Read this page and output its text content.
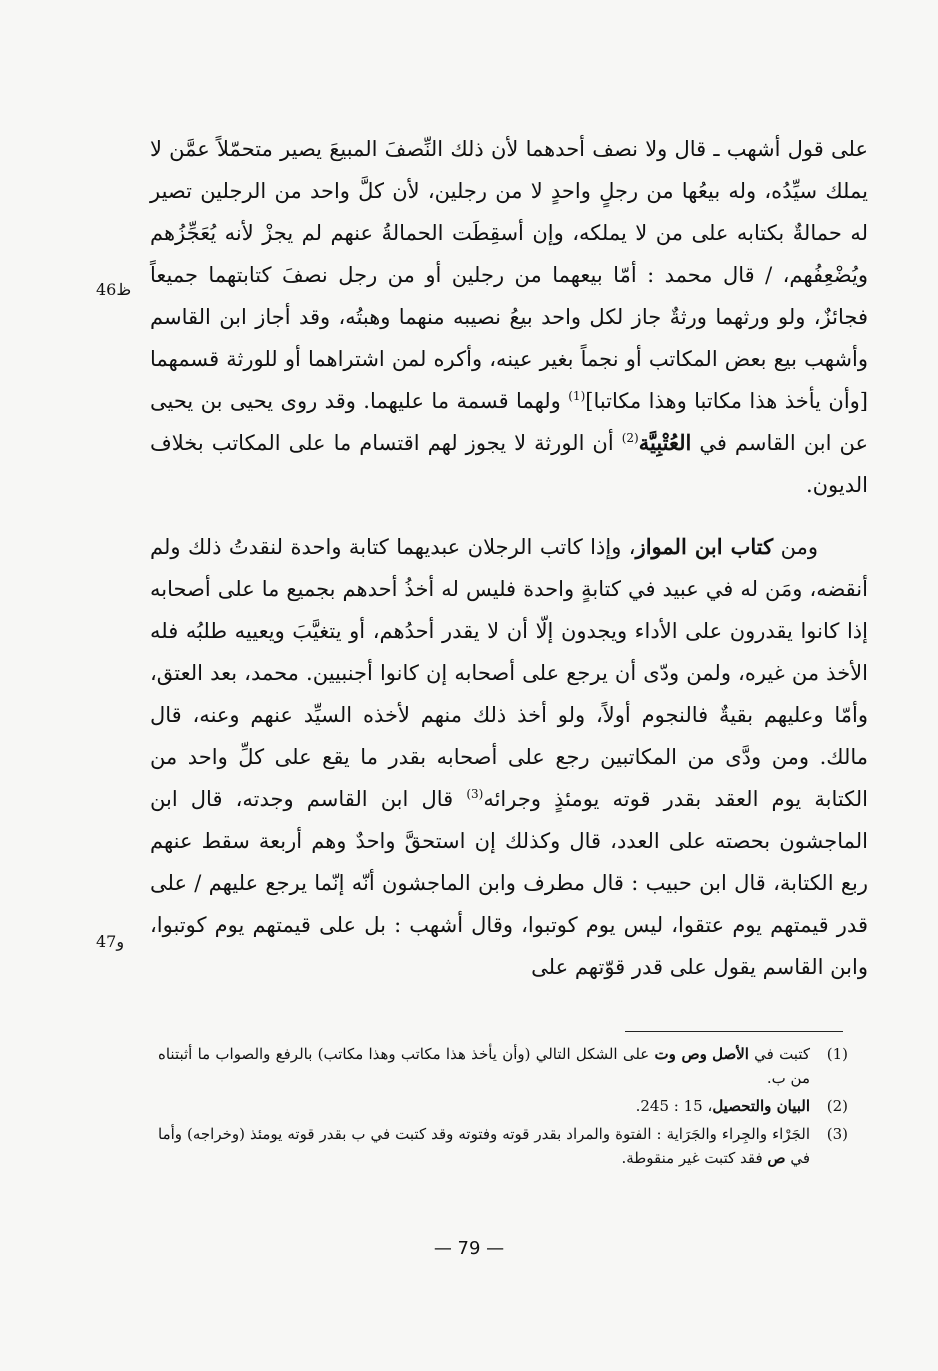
على قول أشهب ـ قال ولا نصف أحدهما لأن ذلك النِّصفَ المبيعَ يصير متحمّلاً عمَّن لا يملك سيِّدُه، وله بيعُها من رجلٍ واحدٍ لا من رجلين، لأن كلَّ واحد من الرجلين تصير له حمالةٌ بكتابه على من لا يملكه، وإن أسقِطَت الحمالةُ عنهم لم يجزْ لأنه يُعَجِّزُهم ويُضْعِفُهم، / قال محمد : أمّا بيعهما من رجلين أو من رجل نصفَ كتابتهما جميعاً فجائزٌ، ولو ورثهما ورثةٌ جاز لكل واحد بيعُ نصيبه منهما وهبتُه، وقد أجاز ابن القاسم وأشهب بيع بعض المكاتب أو نجماً بغير عينه، وأكره لمن اشتراهما أو للورثة قسمهما [وأن يأخذ هذا مكاتبا وهذا مكاتبا]$^{(1)}$ ولهما قسمة ما عليهما. وقد روى يحيى بن يحيى عن ابن القاسم في العُتْبِيَّة$^{(2)}$ أن الورثة لا يجوز لهم اقتسام ما على المكاتب بخلاف الديون.

ومن كتاب ابن المواز، وإذا كاتب الرجلان عبديهما كتابة واحدة لنقدتُ ذلك ولم أنقضه، ومَن له في عبيد في كتابةٍ واحدة فليس له أخذُ أحدهم بجميع ما على أصحابه إذا كانوا يقدرون على الأداء ويجدون إلّا أن لا يقدر أحدُهم، أو يتغيَّبَ ويعييه طلبُه فله الأخذ من غيره، ولمن ودّى أن يرجع على أصحابه إن كانوا أجنبيين. محمد، بعد العتق، وأمّا وعليهم بقيةٌ فالنجوم أولاً، ولو أخذ ذلك منهم لأخذه السيِّد عنهم وعنه، قال مالك. ومن ودَّى من المكاتبين رجع على أصحابه بقدر ما يقع على كلِّ واحد من الكتابة يوم العقد بقدر قوته يومئذٍ وجرائه$^{(3)}$ قال ابن القاسم وجدته، قال ابن الماجشون بحصته على العدد، قال وكذلك إن استحقَّ واحدٌ وهم أربعة سقط عنهم ربع الكتابة، قال ابن حبيب : قال مطرف وابن الماجشون أنّه إنّما يرجع عليهم / على قدر قيمتهم يوم عتقوا، ليس يوم كوتبوا، وقال أشهب : بل على قيمتهم يوم كوتبوا، وابن القاسم يقول على قدر قوّتهم على

46ظ
47و
(1)
كتبت في الأصل وص وت على الشكل التالي (وأن يأخذ هذا مكاتب وهذا مكاتب) بالرفع والصواب ما أثبتناه من ب.
(2)
البيان والتحصيل، 15 : 245.
(3)
الجَرْاء والجِراء والجَرَاية : الفتوة والمراد بقدر قوته وفتوته وقد كتبت في ب بقدر قوته يومئذ (وخراجه) وأما في ص فقد كتبت غير منقوطة.
— 79 —
